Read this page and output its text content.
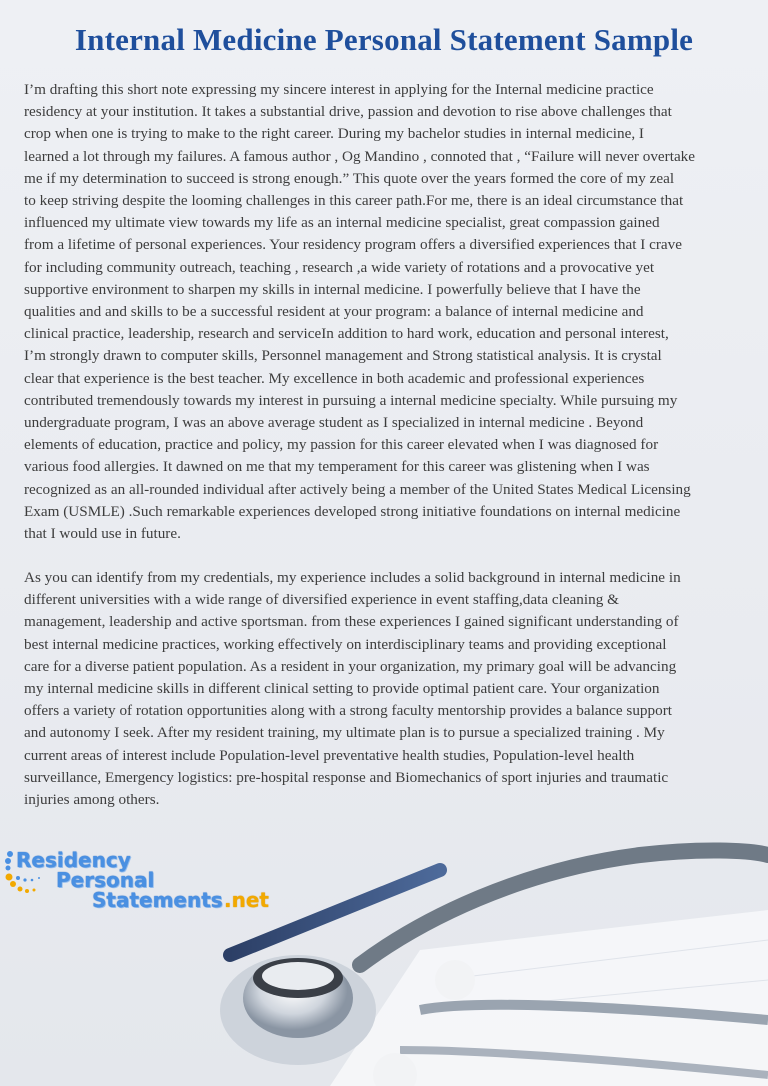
Internal Medicine Personal Statement Sample
I’m drafting this short note expressing my sincere interest in applying for the Internal medicine practice
residency at your institution. It takes a substantial drive, passion and devotion to rise above challenges that
crop when one is trying to make to the right career. During my bachelor studies in internal medicine, I
learned a lot through my failures. A famous author , Og Mandino , connoted that , “Failure will never overtake
me if my determination to succeed is strong enough.” This quote over the years formed the core of my zeal
to keep striving despite the looming challenges in this career path.For me, there is an ideal circumstance that
influenced my ultimate view towards my life as an internal medicine specialist, great compassion gained
from a lifetime of personal experiences. Your residency program offers a diversified experiences that I crave
for including community outreach, teaching , research ,a wide variety of rotations and a provocative yet
supportive environment to sharpen my skills in internal medicine. I powerfully believe that I have the
qualities and and skills to be a successful resident at your program: a balance of internal medicine and
clinical practice, leadership, research and serviceIn addition to hard work, education and personal interest,
I’m strongly drawn to computer skills, Personnel management and Strong statistical analysis. It is crystal
clear that experience is the best teacher. My excellence in both academic and professional experiences
contributed tremendously towards my interest in pursuing a internal medicine specialty. While pursuing my
undergraduate program, I was an above average student as I specialized in internal medicine . Beyond
elements of education, practice and policy, my passion for this career elevated when I was diagnosed for
various food allergies. It dawned on me that my temperament for this career was glistening when I was
recognized as an all-rounded individual after actively being a member of the United States Medical Licensing
Exam (USMLE) .Such remarkable experiences developed strong initiative foundations on internal medicine
that I would use in future.
As you can identify from my credentials, my experience includes a solid background in internal medicine in
different universities with a wide range of diversified experience in event staffing,data cleaning &
management, leadership and active sportsman. from these experiences I gained significant understanding of
best internal medicine practices, working effectively on interdisciplinary teams and providing exceptional
care for a diverse patient population. As a resident in your organization, my primary goal will be advancing
my internal medicine skills in different clinical setting to provide optimal patient care. Your organization
offers a variety of rotation opportunities along with a strong faculty mentorship provides a balance support
and autonomy I seek. After my resident training, my ultimate plan is to pursue a specialized training . My
current areas of interest include Population-level preventative health studies, Population-level health
surveillance, Emergency logistics: pre-hospital response and Biomechanics of sport injuries and traumatic
injuries among others.
Residency
Personal
Statements .net
